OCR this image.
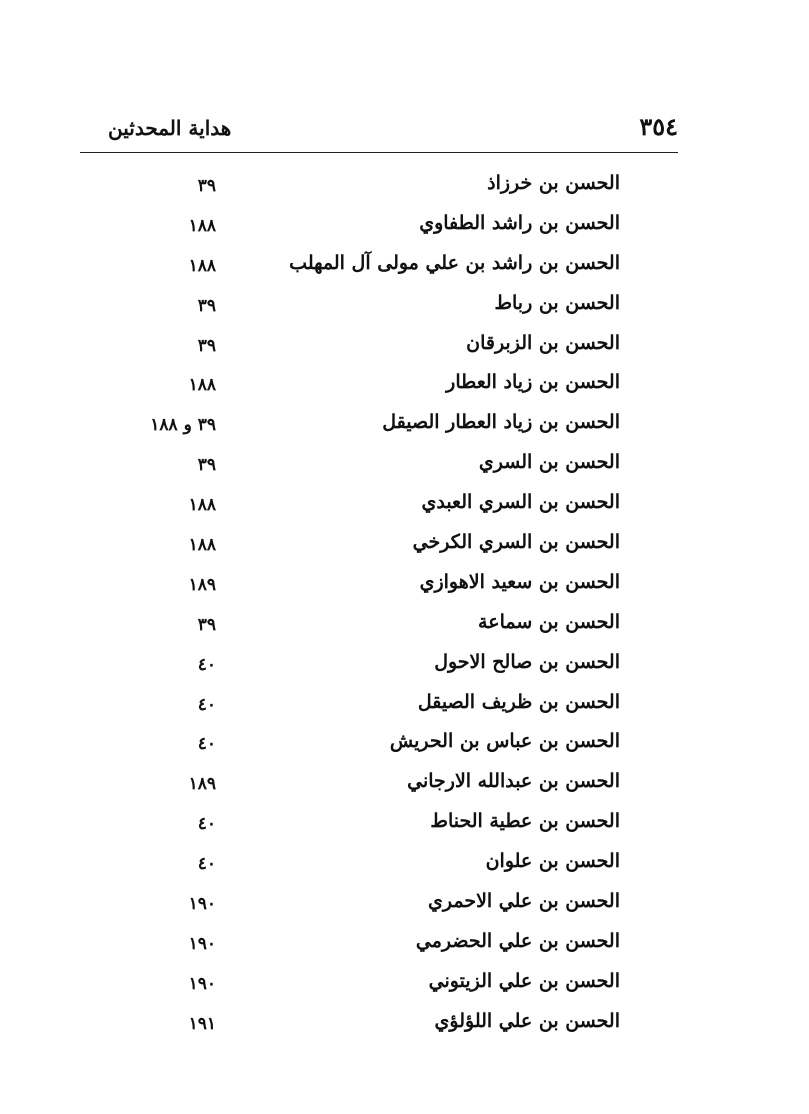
٣٥٤
هداية المحدثين
الحسن بن خرزاذ
٣٩
الحسن بن راشد الطفاوي
١٨٨
الحسن بن راشد بن علي مولى آل المهلب
١٨٨
الحسن بن رباط
٣٩
الحسن بن الزبرقان
٣٩
الحسن بن زياد العطار
١٨٨
الحسن بن زياد العطار الصيقل
٣٩ و ١٨٨
الحسن بن السري
٣٩
الحسن بن السري العبدي
١٨٨
الحسن بن السري الكرخي
١٨٨
الحسن بن سعيد الاهوازي
١٨٩
الحسن بن سماعة
٣٩
الحسن بن صالح الاحول
٤٠
الحسن بن ظريف الصيقل
٤٠
الحسن بن عباس بن الحريش
٤٠
الحسن بن عبدالله الارجاني
١٨٩
الحسن بن عطية الحناط
٤٠
الحسن بن علوان
٤٠
الحسن بن علي الاحمري
١٩٠
الحسن بن علي الحضرمي
١٩٠
الحسن بن علي الزيتوني
١٩٠
الحسن بن علي اللؤلؤي
١٩١
